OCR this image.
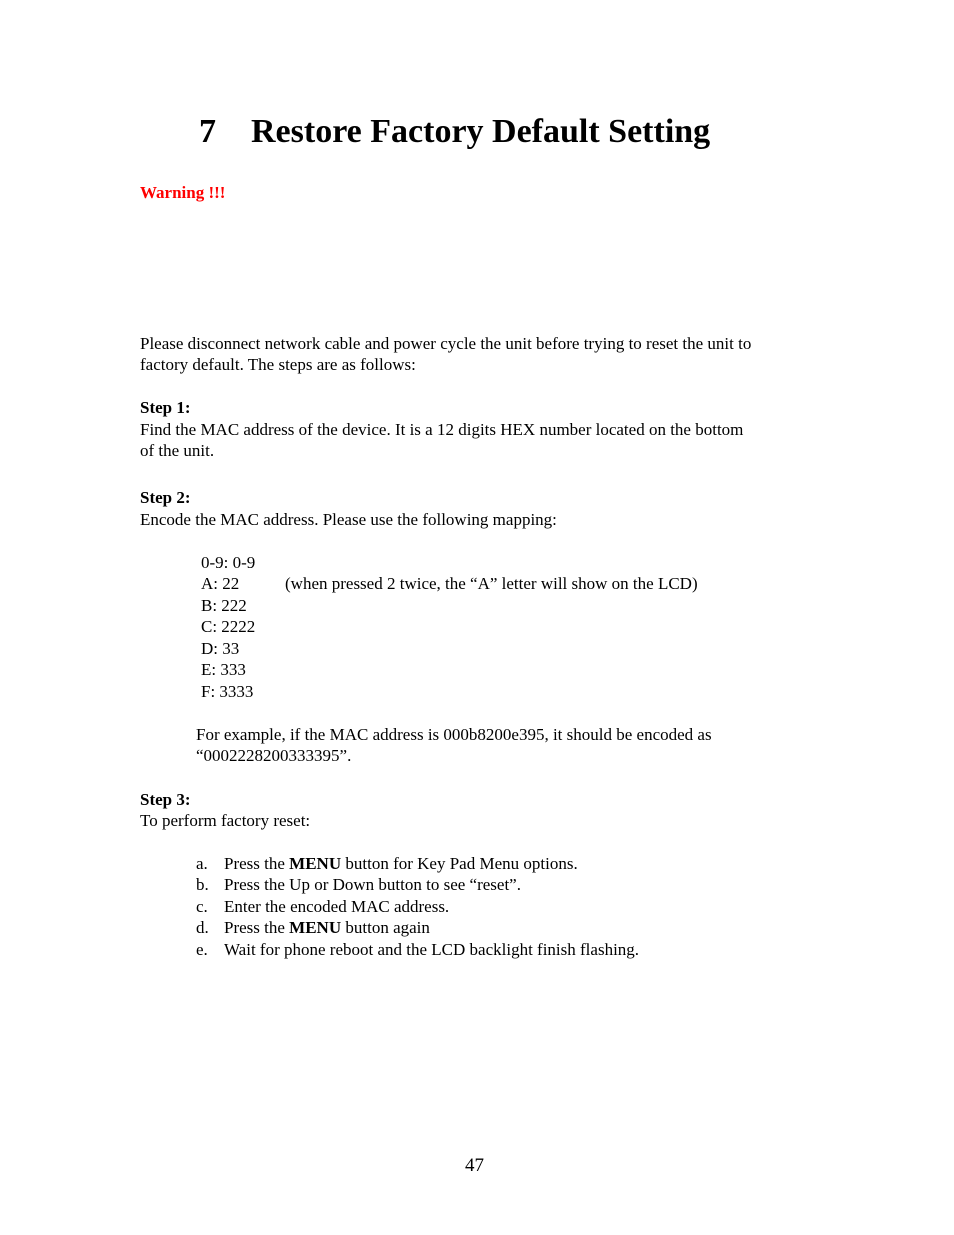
7 Restore Factory Default Setting
Warning !!!
Please disconnect network cable and power cycle the unit before trying to reset the unit to
factory default. The steps are as follows:
Step 1:
Find the MAC address of the device. It is a 12 digits HEX number located on the bottom
of the unit.
Step 2:
Encode the MAC address. Please use the following mapping:
0-9: 0-9
A: 22	(when pressed 2 twice, the “A” letter will show on the LCD)
B: 222
C: 2222
D: 33
E: 333
F: 3333
For example, if the MAC address is 000b8200e395, it should be encoded as
“0002228200333395”.
Step 3:
To perform factory reset:
a. Press the MENU button for Key Pad Menu options.
b. Press the Up or Down button to see “reset”.
c. Enter the encoded MAC address.
d. Press the MENU button again
e. Wait for phone reboot and the LCD backlight finish flashing.
47
